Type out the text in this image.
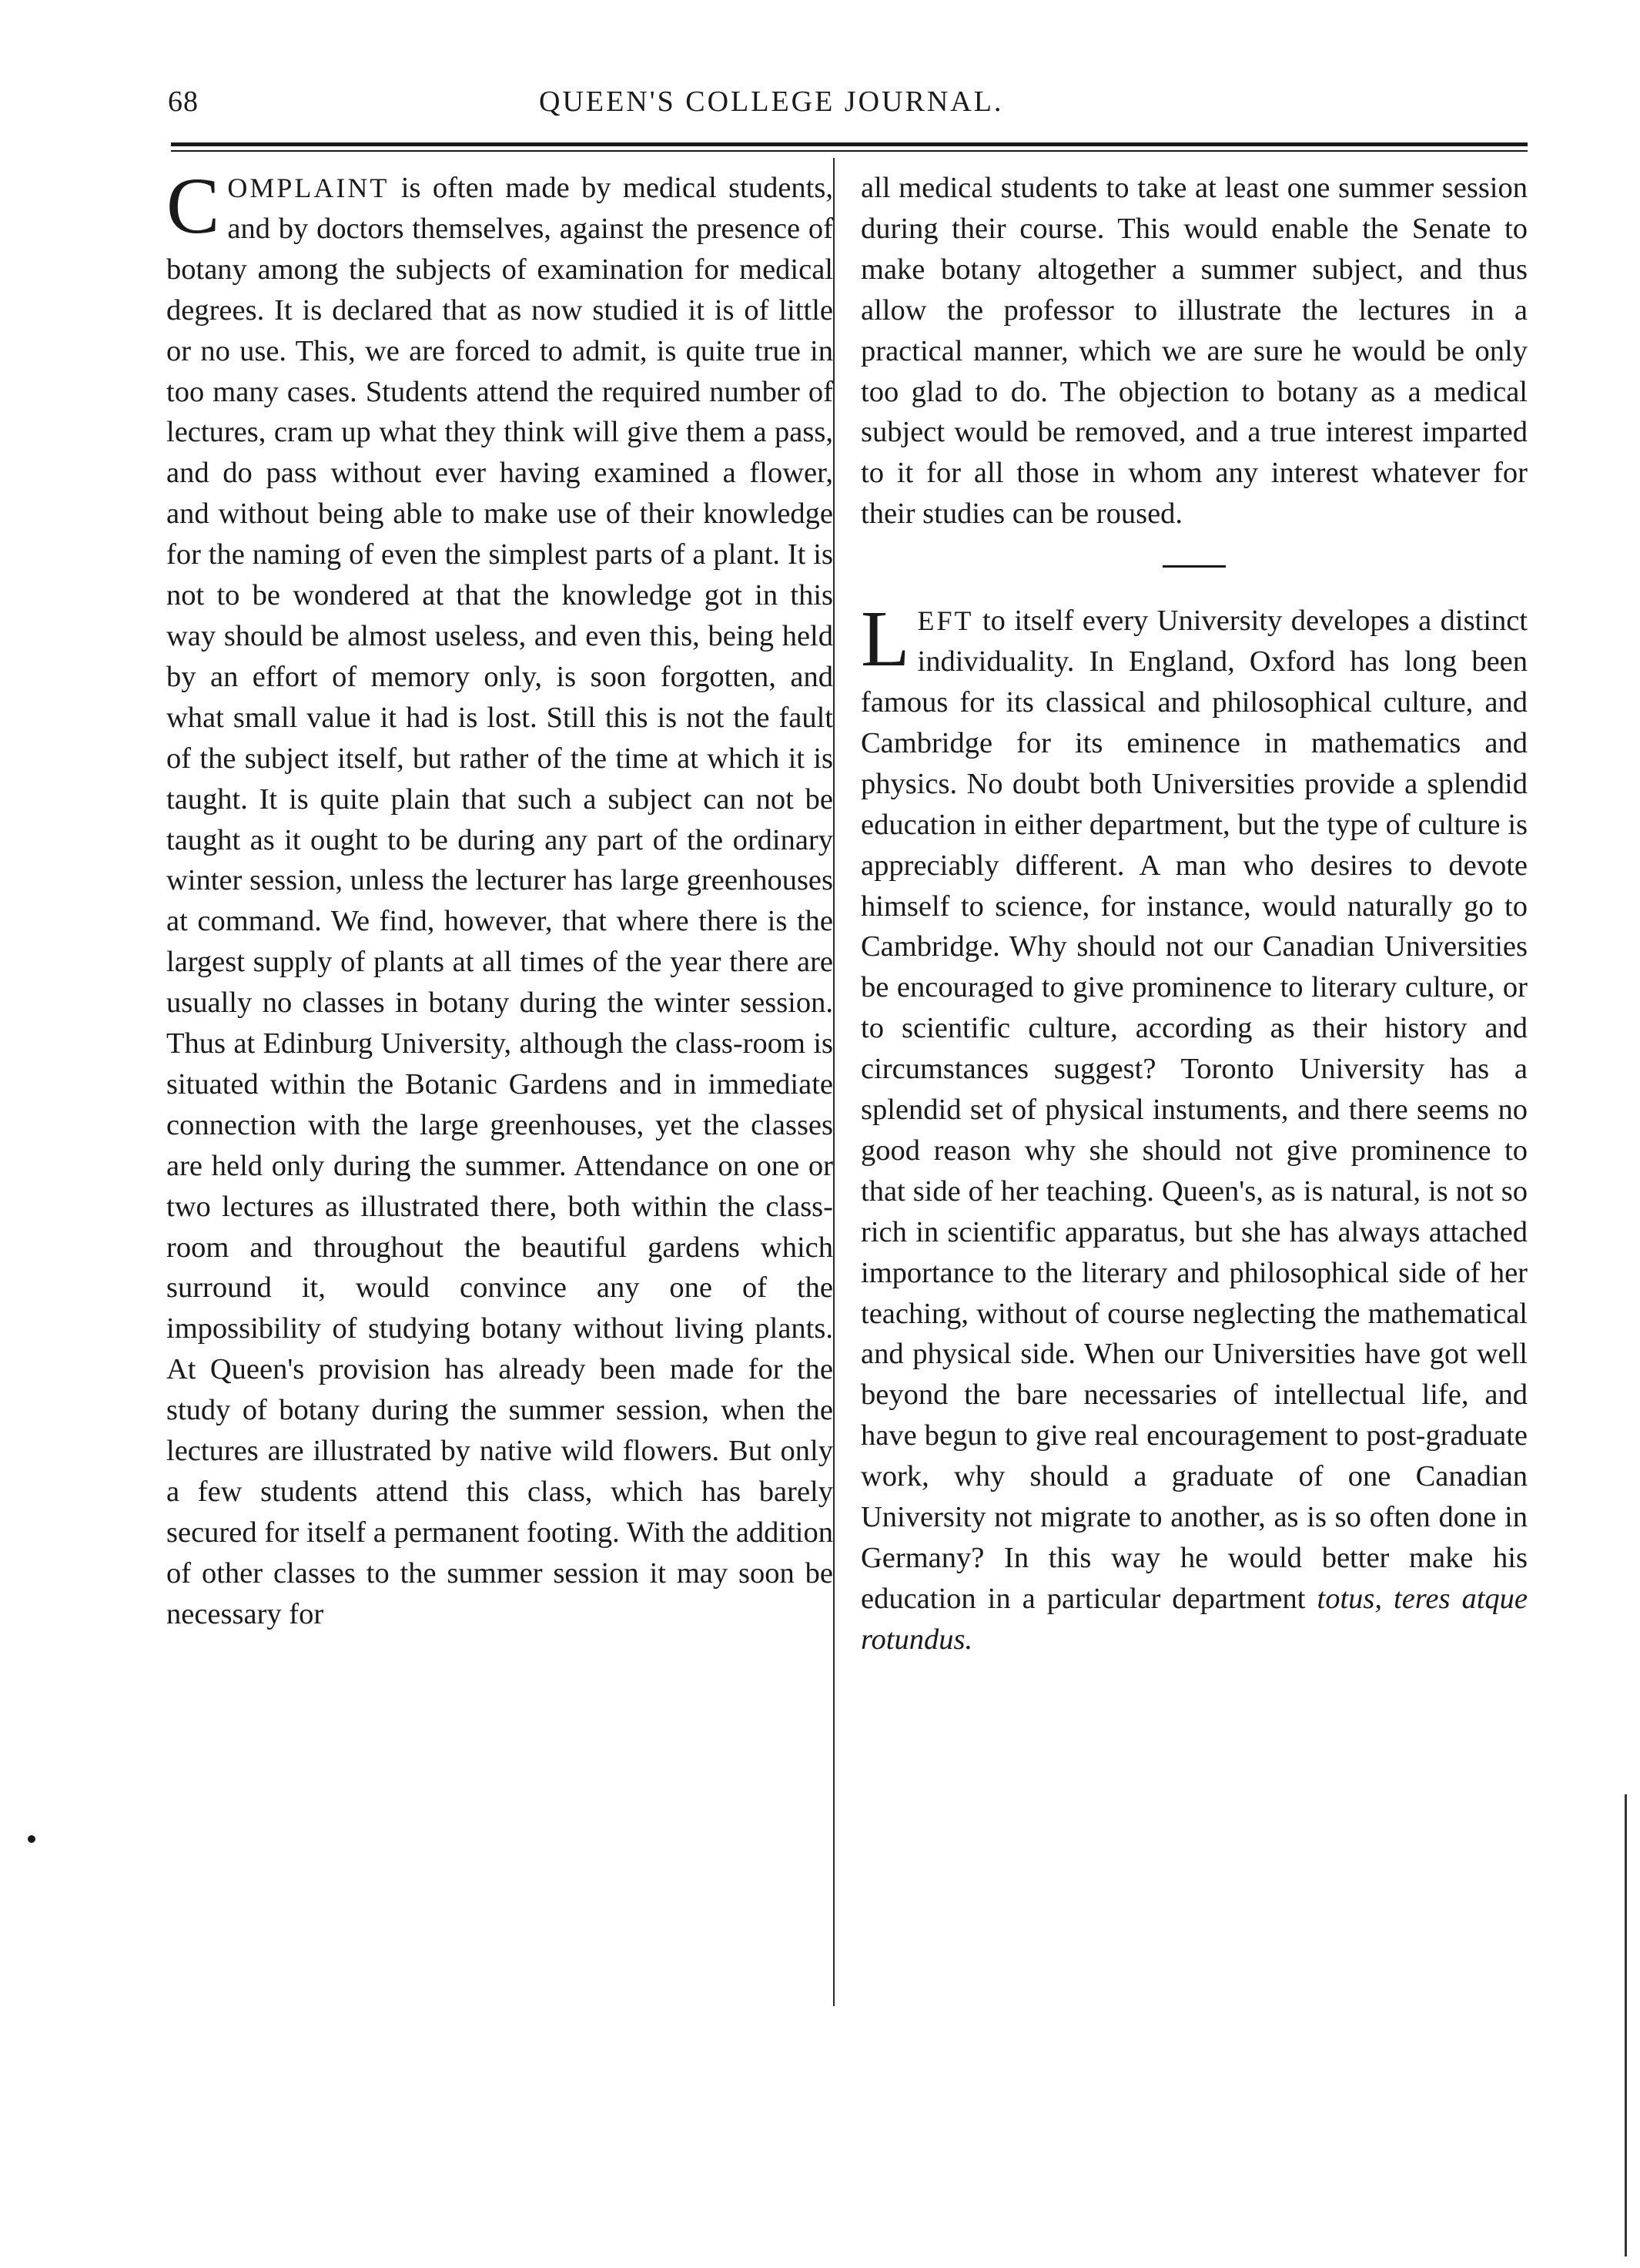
68	QUEEN'S COLLEGE JOURNAL.

COMPLAINT is often made by medical students, and by doctors themselves, against the presence of botany among the subjects of examination for medical degrees. It is declared that as now studied it is of little or no use. This, we are forced to admit, is quite true in too many cases. Students attend the required number of lectures, cram up what they think will give them a pass, and do pass without ever having examined a flower, and without being able to make use of their knowledge for the naming of even the simplest parts of a plant. It is not to be wondered at that the knowledge got in this way should be almost useless, and even this, being held by an effort of memory only, is soon forgotten, and what small value it had is lost. Still this is not the fault of the subject itself, but rather of the time at which it is taught. It is quite plain that such a subject can not be taught as it ought to be during any part of the ordinary winter session, unless the lecturer has large greenhouses at command. We find, however, that where there is the largest supply of plants at all times of the year there are usually no classes in botany during the winter session. Thus at Edinburg University, although the class-room is situated within the Botanic Gardens and in immediate connection with the large greenhouses, yet the classes are held only during the summer. Attendance on one or two lectures as illustrated there, both within the class-room and throughout the beautiful gardens which surround it, would convince any one of the impossibility of studying botany without living plants. At Queen's provision has already been made for the study of botany during the summer session, when the lectures are illustrated by native wild flowers. But only a few students attend this class, which has barely secured for itself a permanent footing. With the addition of other classes to the summer session it may soon be necessary for

all medical students to take at least one summer session during their course. This would enable the Senate to make botany altogether a summer subject, and thus allow the professor to illustrate the lectures in a practical manner, which we are sure he would be only too glad to do. The objection to botany as a medical subject would be removed, and a true interest imparted to it for all those in whom any interest whatever for their studies can be roused.

LEFT to itself every University developes a distinct individuality. In England, Oxford has long been famous for its classical and philosophical culture, and Cambridge for its eminence in mathematics and physics. No doubt both Universities provide a splendid education in either department, but the type of culture is appreciably different. A man who desires to devote himself to science, for instance, would naturally go to Cambridge. Why should not our Canadian Universities be encouraged to give prominence to literary culture, or to scientific culture, according as their history and circumstances suggest? Toronto University has a splendid set of physical instuments, and there seems no good reason why she should not give prominence to that side of her teaching. Queen's, as is natural, is not so rich in scientific apparatus, but she has always attached importance to the literary and philosophical side of her teaching, without of course neglecting the mathematical and physical side. When our Universities have got well beyond the bare necessaries of intellectual life, and have begun to give real encouragement to post-graduate work, why should a graduate of one Canadian University not migrate to another, as is so often done in Germany? In this way he would better make his education in a particular department totus, teres atque rotundus.
